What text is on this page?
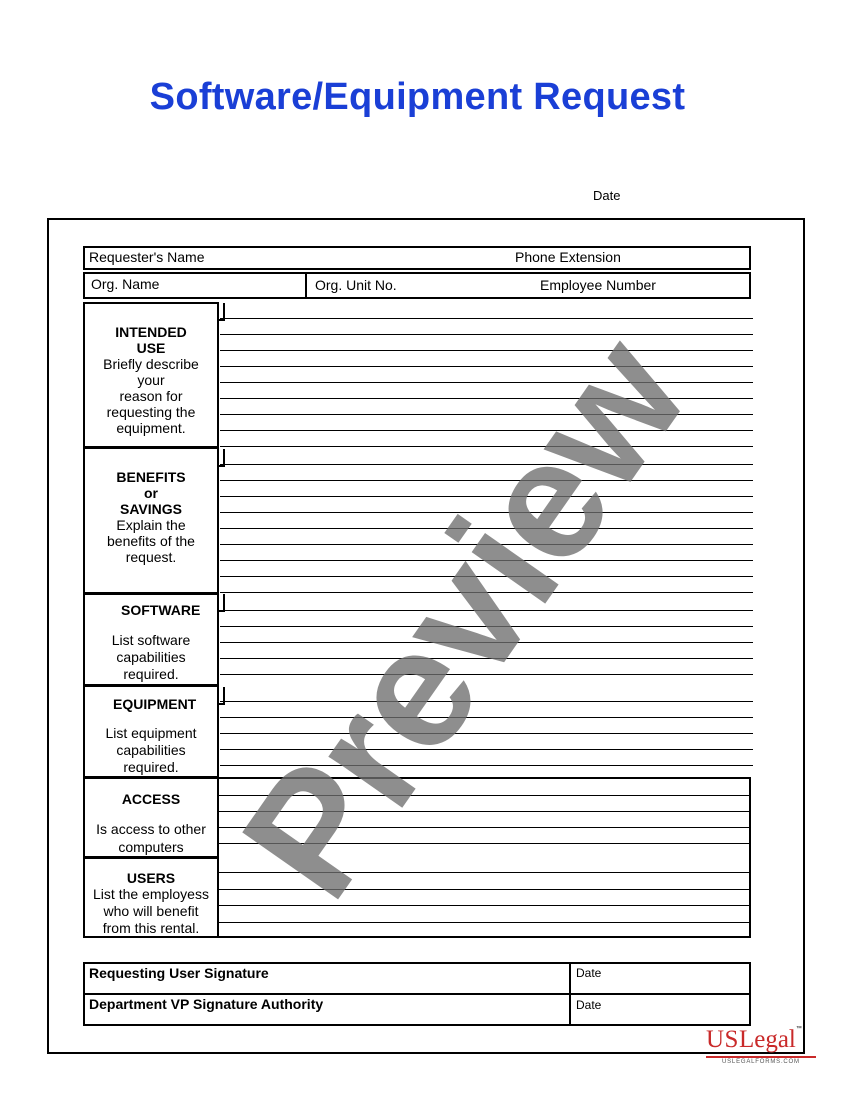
Software/Equipment Request
Date
Requester's Name	Phone Extension
Org. Name	Org. Unit No.	Employee Number
INTENDED
USE
Briefly describe
your
reason for
requesting the
equipment.
BENEFITS
or
SAVINGS
Explain the
benefits of the
request.
SOFTWARE
List software
capabilities
required.
EQUIPMENT
List equipment
capabilities
required.
ACCESS
Is access to other
computers
USERS
List the employess
who will benefit
from this rental.
Requesting User Signature	Date
Department VP Signature Authority	Date
Preview
USLegal™
USLEGALFORMS.COM
